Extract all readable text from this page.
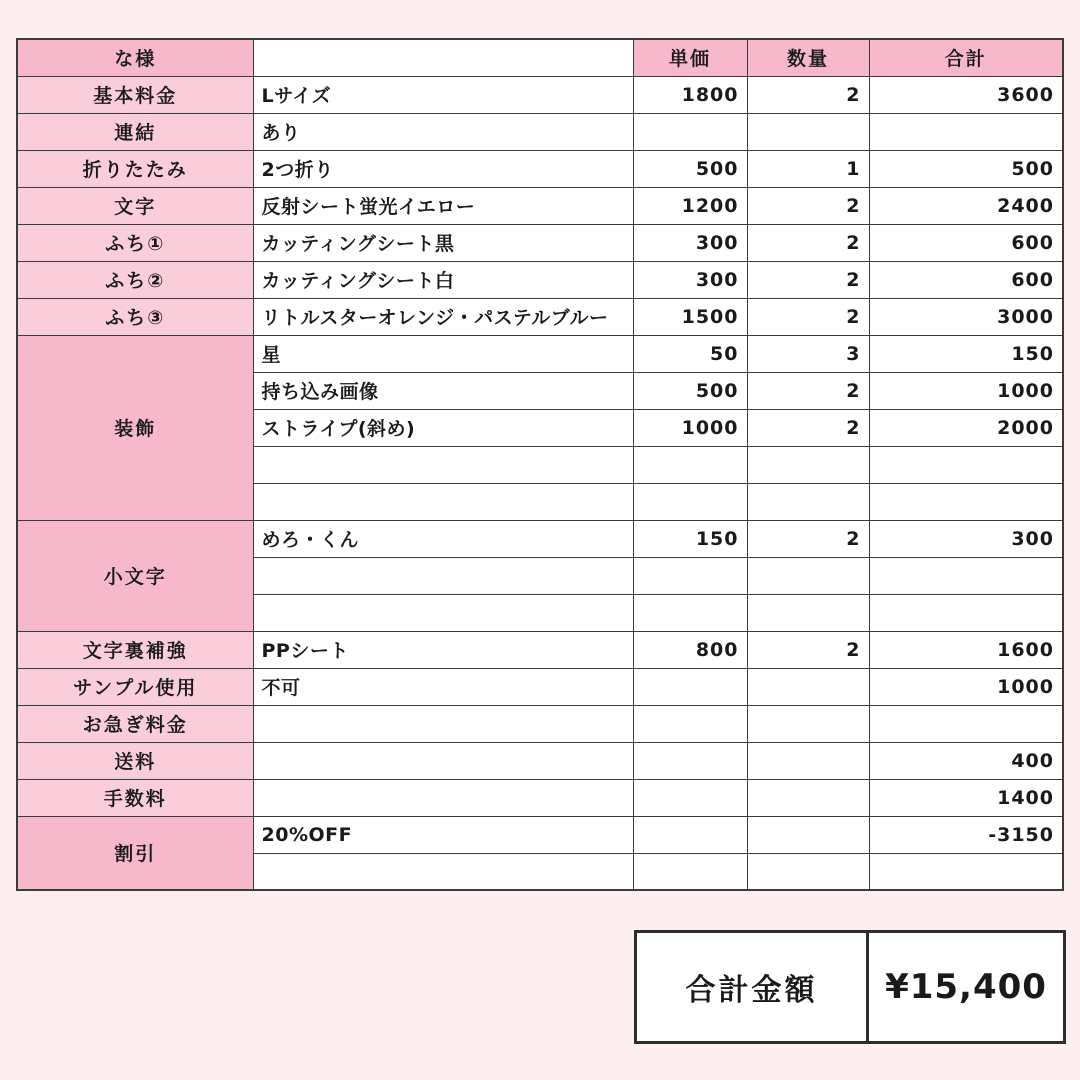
な様		単価	数量	合計
基本料金	Lサイズ	1800	2	3600
連結	あり			
折りたたみ	2つ折り	500	1	500
文字	反射シート蛍光イエロー	1200	2	2400
ふち①	カッティングシート黒	300	2	600
ふち②	カッティングシート白	300	2	600
ふち③	リトルスターオレンジ・パステルブルー	1500	2	3000
装飾	星	50	3	150
	持ち込み画像	500	2	1000
	ストライプ(斜め)	1000	2	2000

小文字	めろ・くん	150	2	300

文字裏補強	PPシート	800	2	1600
サンプル使用	不可			1000
お急ぎ料金				
送料				400
手数料				1400
割引	20%OFF			-3150

合計金額	¥15,400
